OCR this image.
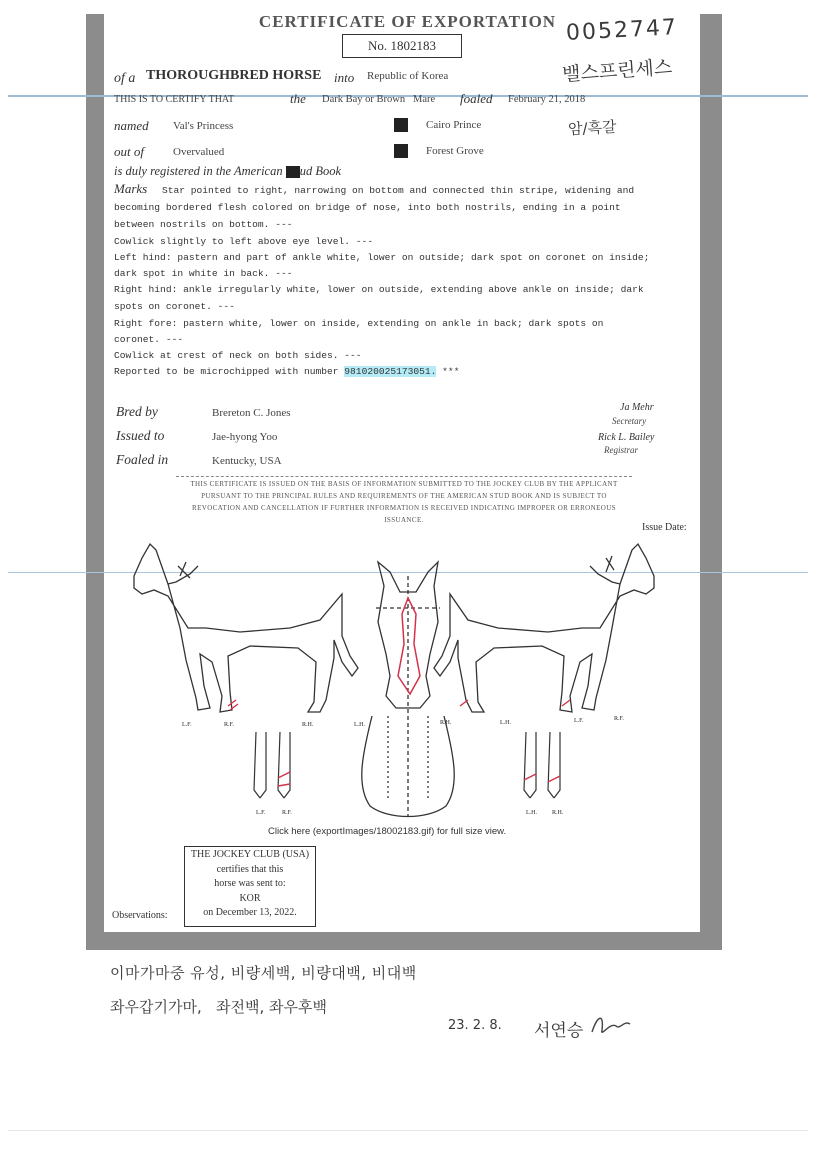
CERTIFICATE OF EXPORTATION
No. 1802183	0052747
밸스프린세스
암/흑갈
of a THOROUGHBRED HORSE into Republic of Korea
THIS IS TO CERTIFY THAT	the Dark Bay or Brown   Mare foaled February 21, 2018
named Val's Princess	Cairo Prince
out of	Overvalued	Forest Grove
is duly registered in the American ud Book
Marks Star pointed to right, narrowing on bottom and connected thin stripe, widening and
becoming bordered flesh colored on bridge of nose, into both nostrils, ending in a point
between nostrils on bottom. ---
Cowlick slightly to left above eye level. ---
Left hind: pastern and part of ankle white, lower on outside; dark spot on coronet on inside;
dark spot in white in back. ---
Right hind: ankle irregularly white, lower on outside, extending above ankle on inside; dark
spots on coronet. ---
Right fore: pastern white, lower on inside, extending on ankle in back; dark spots on
coronet. ---
Cowlick at crest of neck on both sides. ---
Reported to be microchipped with number 981020025173051. ***
Bred by	Brereton C. Jones
Issued to	Jae-hyong Yoo
Foaled in	Kentucky, USA
Ja Mehr
Secretary
Rick L. Bailey
Registrar
THIS CERTIFICATE IS ISSUED ON THE BASIS OF INFORMATION SUBMITTED TO THE JOCKEY CLUB BY THE APPLICANT
PURSUANT TO THE PRINCIPAL RULES AND REQUIREMENTS OF THE AMERICAN STUD BOOK AND IS SUBJECT TO
REVOCATION AND CANCELLATION IF FURTHER INFORMATION IS RECEIVED INDICATING IMPROPER OR ERRONEOUS
ISSUANCE.
Issue Date:
L.F.	R.F.	R.H.	L.H.	R.H.	L.H.	L.F.	R.F.
L.F.	R.F.	L.H.	R.H.
Click here (exportImages/18002183.gif) for full size view.
THE JOCKEY CLUB (USA)
certifies that this
horse was sent to:
KOR
on December 13, 2022.
Observations:
이마가마중 유성, 비량세백, 비량대백, 비대백
좌우갑기가마,   좌전백, 좌우후백
23. 2. 8. 서연승
